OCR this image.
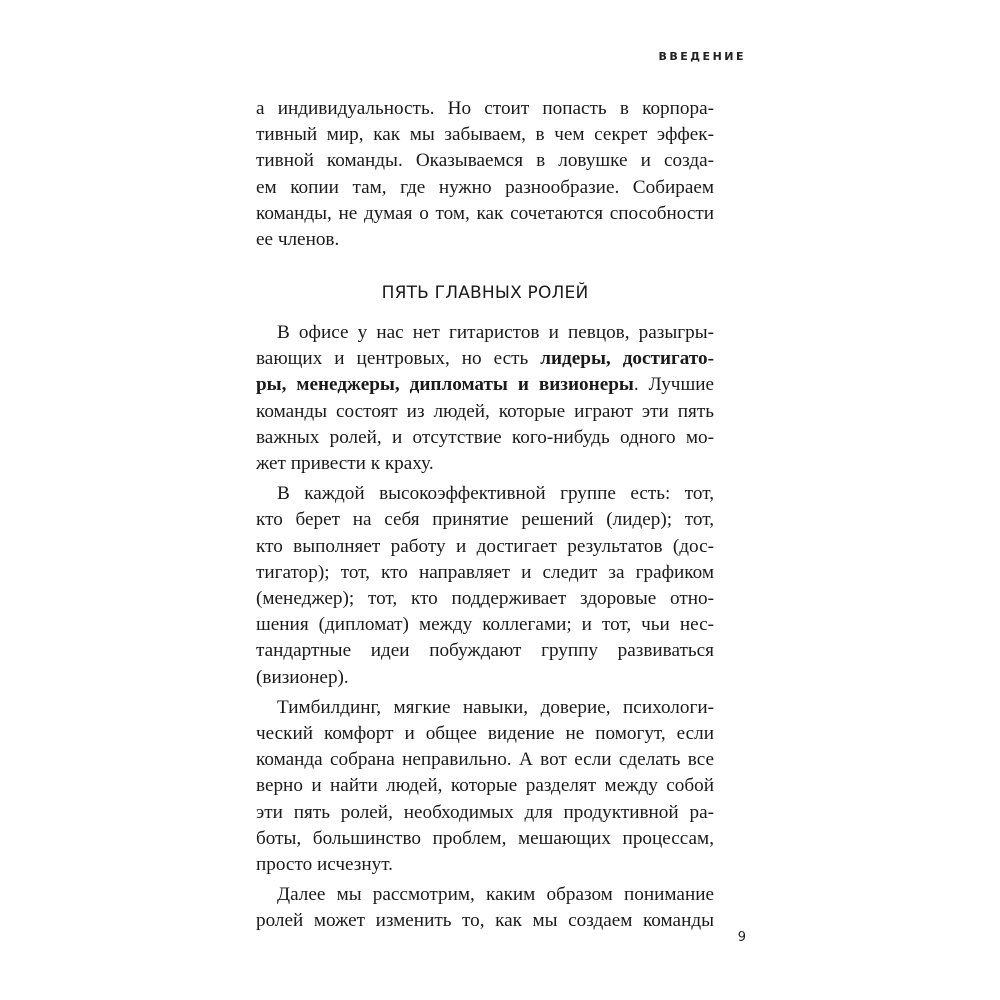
ВВЕДЕНИЕ
а индивидуальность. Но стоит попасть в корпора-
тивный мир, как мы забываем, в чем секрет эффек-
тивной команды. Оказываемся в ловушке и созда-
ем копии там, где нужно разнообразие. Собираем
команды, не думая о том, как сочетаются способности
ее членов.
ПЯТЬ ГЛАВНЫХ РОЛЕЙ
В офисе у нас нет гитаристов и певцов, разыгры-
вающих и центровых, но есть лидеры, достигато-
ры, менеджеры, дипломаты и визионеры. Лучшие
команды состоят из людей, которые играют эти пять
важных ролей, и отсутствие кого-нибудь одного мо-
жет привести к краху.
В каждой высокоэффективной группе есть: тот,
кто берет на себя принятие решений (лидер); тот,
кто выполняет работу и достигает результатов (дос-
тигатор); тот, кто направляет и следит за графиком
(менеджер); тот, кто поддерживает здоровые отно-
шения (дипломат) между коллегами; и тот, чьи нес-
тандартные идеи побуждают группу развиваться
(визионер).
Тимбилдинг, мягкие навыки, доверие, психологи-
ческий комфорт и общее видение не помогут, если
команда собрана неправильно. А вот если сделать все
верно и найти людей, которые разделят между собой
эти пять ролей, необходимых для продуктивной ра-
боты, большинство проблем, мешающих процессам,
просто исчезнут.
Далее мы рассмотрим, каким образом понимание
ролей может изменить то, как мы создаем команды
9
